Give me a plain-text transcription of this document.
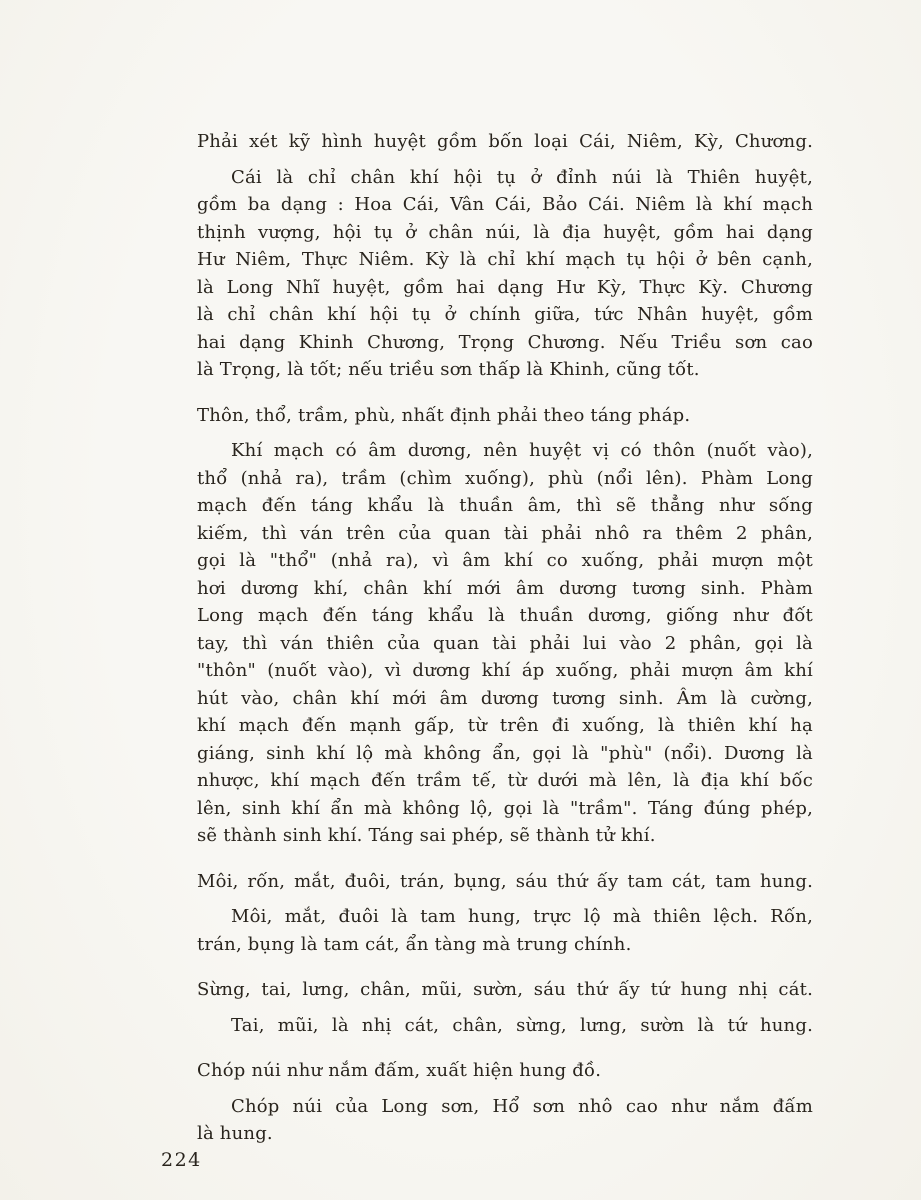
Phải xét kỹ hình huyệt gồm bốn loại Cái, Niêm, Kỳ, Chương.
Cái là chỉ chân khí hội tụ ở đỉnh núi là Thiên huyệt,
gồm ba dạng : Hoa Cái, Vân Cái, Bảo Cái. Niêm là khí mạch
thịnh vượng, hội tụ ở chân núi, là địa huyệt, gồm hai dạng
Hư Niêm, Thực Niêm. Kỳ là chỉ khí mạch tụ hội ở bên cạnh,
là Long Nhĩ huyệt, gồm hai dạng Hư Kỳ, Thực Kỳ. Chương
là chỉ chân khí hội tụ ở chính giữa, tức Nhân huyệt, gồm
hai dạng Khinh Chương, Trọng Chương. Nếu Triều sơn cao
là Trọng, là tốt; nếu triều sơn thấp là Khinh, cũng tốt.
Thôn, thổ, trầm, phù, nhất định phải theo táng pháp.
Khí mạch có âm dương, nên huyệt vị có thôn (nuốt vào),
thổ (nhả ra), trầm (chìm xuống), phù (nổi lên). Phàm Long
mạch đến táng khẩu là thuần âm, thì sẽ thẳng như sống
kiếm, thì ván trên của quan tài phải nhô ra thêm 2 phân,
gọi là "thổ" (nhả ra), vì âm khí co xuống, phải mượn một
hơi dương khí, chân khí mới âm dương tương sinh. Phàm
Long mạch đến táng khẩu là thuần dương, giống như đốt
tay, thì ván thiên của quan tài phải lui vào 2 phân, gọi là
"thôn" (nuốt vào), vì dương khí áp xuống, phải mượn âm khí
hút vào, chân khí mới âm dương tương sinh. Âm là cường,
khí mạch đến mạnh gấp, từ trên đi xuống, là thiên khí hạ
giáng, sinh khí lộ mà không ẩn, gọi là "phù" (nổi). Dương là
nhược, khí mạch đến trầm tế, từ dưới mà lên, là địa khí bốc
lên, sinh khí ẩn mà không lộ, gọi là "trầm". Táng đúng phép,
sẽ thành sinh khí. Táng sai phép, sẽ thành tử khí.
Môi, rốn, mắt, đuôi, trán, bụng, sáu thứ ấy tam cát, tam hung.
Môi, mắt, đuôi là tam hung, trực lộ mà thiên lệch. Rốn,
trán, bụng là tam cát, ẩn tàng mà trung chính.
Sừng, tai, lưng, chân, mũi, sườn, sáu thứ ấy tứ hung nhị cát.
Tai, mũi, là nhị cát, chân, sừng, lưng, sườn là tứ hung.
Chóp núi như nắm đấm, xuất hiện hung đồ.
Chóp núi của Long sơn, Hổ sơn nhô cao như nắm đấm
là hung.
224
